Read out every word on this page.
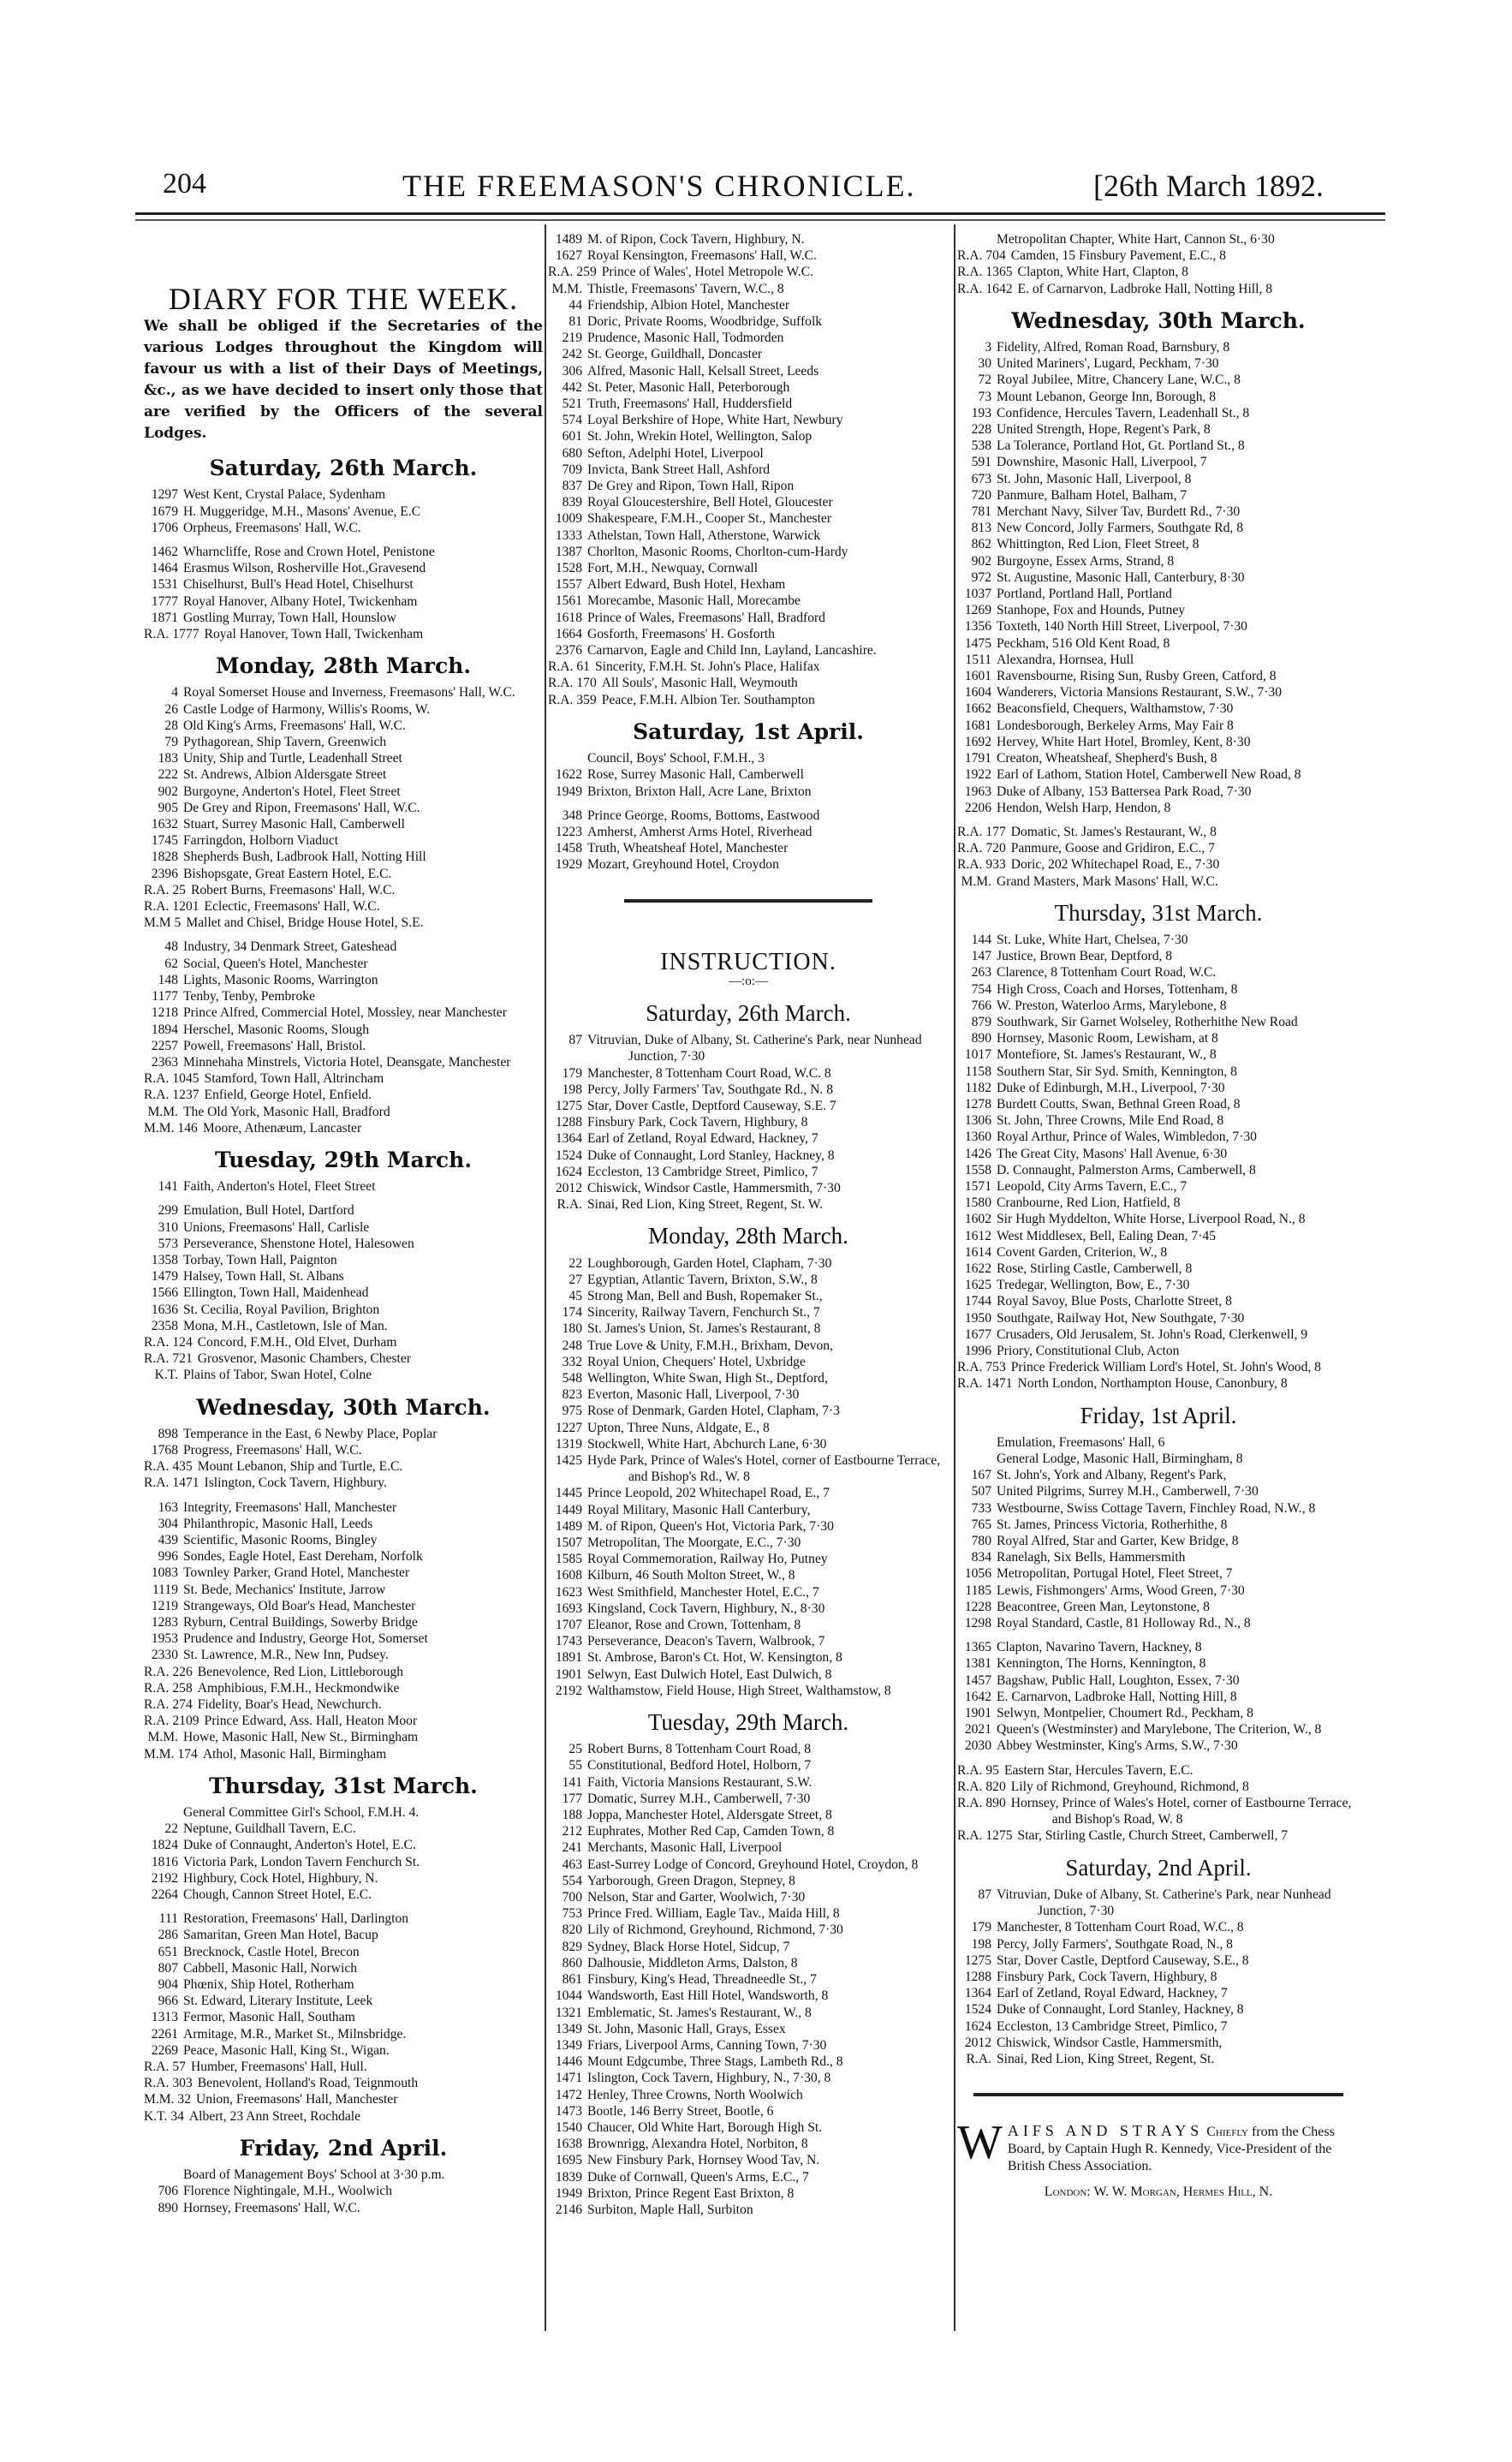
204	THE FREEMASON'S CHRONICLE.	[26th March 1892.
DIARY FOR THE WEEK.
We shall be obliged if the Secretaries of the various Lodges throughout the Kingdom will favour us with a list of their Days of Meetings, &c., as we have decided to insert only those that are verified by the Officers of the several Lodges.
Saturday, 26th March.
1297 West Kent, Crystal Palace, Sydenham
1679 H. Muggeridge, M.H., Masons' Avenue, E.C
1706 Orpheus, Freemasons' Hall, W.C.
1462 Wharncliffe, Rose and Crown Hotel, Penistone
1464 Erasmus Wilson, Rosherville Hot.,Gravesend
1531 Chiselhurst, Bull's Head Hotel, Chiselhurst
1777 Royal Hanover, Albany Hotel, Twickenham
1871 Gostling Murray, Town Hall, Hounslow
R.A. 1777 Royal Hanover, Town Hall, Twickenham
Monday, 28th March.
4 Royal Somerset House and Inverness, Freemasons' Hall, W.C.
26 Castle Lodge of Harmony, Willis's Rooms, W.
28 Old King's Arms, Freemasons' Hall, W.C.
79 Pythagorean, Ship Tavern, Greenwich
183 Unity, Ship and Turtle, Leadenhall Street
222 St. Andrews, Albion Aldersgate Street
902 Burgoyne, Anderton's Hotel, Fleet Street
905 De Grey and Ripon, Freemasons' Hall, W.C.
1632 Stuart, Surrey Masonic Hall, Camberwell
1745 Farringdon, Holborn Viaduct
1828 Shepherds Bush, Ladbrook Hall, Notting Hill
2396 Bishopsgate, Great Eastern Hotel, E.C.
R.A. 25 Robert Burns, Freemasons' Hall, W.C.
R.A. 1201 Eclectic, Freemasons' Hall, W.C.
M.M 5 Mallet and Chisel, Bridge House Hotel, S.E.
48 Industry, 34 Denmark Street, Gateshead
62 Social, Queen's Hotel, Manchester
148 Lights, Masonic Rooms, Warrington
1177 Tenby, Tenby, Pembroke
1218 Prince Alfred, Commercial Hotel, Mossley, near Manchester
1894 Herschel, Masonic Rooms, Slough
2257 Powell, Freemasons' Hall, Bristol.
2363 Minnehaha Minstrels, Victoria Hotel, Deansgate, Manchester
R.A. 1045 Stamford, Town Hall, Altrincham
R.A. 1237 Enfield, George Hotel, Enfield.
M.M. The Old York, Masonic Hall, Bradford
M.M. 146 Moore, Athenæum, Lancaster
Tuesday, 29th March.
141 Faith, Anderton's Hotel, Fleet Street
299 Emulation, Bull Hotel, Dartford
310 Unions, Freemasons' Hall, Carlisle
573 Perseverance, Shenstone Hotel, Halesowen
1358 Torbay, Town Hall, Paignton
1479 Halsey, Town Hall, St. Albans
1566 Ellington, Town Hall, Maidenhead
1636 St. Cecilia, Royal Pavilion, Brighton
2358 Mona, M.H., Castletown, Isle of Man.
R.A. 124 Concord, F.M.H., Old Elvet, Durham
R.A. 721 Grosvenor, Masonic Chambers, Chester
K.T. Plains of Tabor, Swan Hotel, Colne
Wednesday, 30th March.
898 Temperance in the East, 6 Newby Place, Poplar
1768 Progress, Freemasons' Hall, W.C.
R.A. 435 Mount Lebanon, Ship and Turtle, E.C.
R.A. 1471 Islington, Cock Tavern, Highbury.
163 Integrity, Freemasons' Hall, Manchester
304 Philanthropic, Masonic Hall, Leeds
439 Scientific, Masonic Rooms, Bingley
996 Sondes, Eagle Hotel, East Dereham, Norfolk
1083 Townley Parker, Grand Hotel, Manchester
1119 St. Bede, Mechanics' Institute, Jarrow
1219 Strangeways, Old Boar's Head, Manchester
1283 Ryburn, Central Buildings, Sowerby Bridge
1953 Prudence and Industry, George Hot, Somerset
2330 St. Lawrence, M.R., New Inn, Pudsey.
R.A. 226 Benevolence, Red Lion, Littleborough
R.A. 258 Amphibious, F.M.H., Heckmondwike
R.A. 274 Fidelity, Boar's Head, Newchurch.
R.A. 2109 Prince Edward, Ass. Hall, Heaton Moor
M.M. Howe, Masonic Hall, New St., Birmingham
M.M. 174 Athol, Masonic Hall, Birmingham
Thursday, 31st March.
General Committee Girl's School, F.M.H. 4.
22 Neptune, Guildhall Tavern, E.C.
1824 Duke of Connaught, Anderton's Hotel, E.C.
1816 Victoria Park, London Tavern Fenchurch St.
2192 Highbury, Cock Hotel, Highbury, N.
2264 Chough, Cannon Street Hotel, E.C.
111 Restoration, Freemasons' Hall, Darlington
286 Samaritan, Green Man Hotel, Bacup
651 Brecknock, Castle Hotel, Brecon
807 Cabbell, Masonic Hall, Norwich
904 Phœnix, Ship Hotel, Rotherham
966 St. Edward, Literary Institute, Leek
1313 Fermor, Masonic Hall, Southam
2261 Armitage, M.R., Market St., Milnsbridge.
2269 Peace, Masonic Hall, King St., Wigan.
R.A. 57 Humber, Freemasons' Hall, Hull.
R.A. 303 Benevolent, Holland's Road, Teignmouth
M.M. 32 Union, Freemasons' Hall, Manchester
K.T. 34 Albert, 23 Ann Street, Rochdale
Friday, 2nd April.
Board of Management Boys' School at 3·30 p.m.
706 Florence Nightingale, M.H., Woolwich
890 Hornsey, Freemasons' Hall, W.C.
1489 M. of Ripon, Cock Tavern, Highbury, N.
1627 Royal Kensington, Freemasons' Hall, W.C.
R.A. 259 Prince of Wales', Hotel Metropole W.C.
M.M. Thistle, Freemasons' Tavern, W.C., 8
44 Friendship, Albion Hotel, Manchester
81 Doric, Private Rooms, Woodbridge, Suffolk
219 Prudence, Masonic Hall, Todmorden
242 St. George, Guildhall, Doncaster
306 Alfred, Masonic Hall, Kelsall Street, Leeds
442 St. Peter, Masonic Hall, Peterborough
521 Truth, Freemasons' Hall, Huddersfield
574 Loyal Berkshire of Hope, White Hart, Newbury
601 St. John, Wrekin Hotel, Wellington, Salop
680 Sefton, Adelphi Hotel, Liverpool
709 Invicta, Bank Street Hall, Ashford
837 De Grey and Ripon, Town Hall, Ripon
839 Royal Gloucestershire, Bell Hotel, Gloucester
1009 Shakespeare, F.M.H., Cooper St., Manchester
1333 Athelstan, Town Hall, Atherstone, Warwick
1387 Chorlton, Masonic Rooms, Chorlton-cum-Hardy
1528 Fort, M.H., Newquay, Cornwall
1557 Albert Edward, Bush Hotel, Hexham
1561 Morecambe, Masonic Hall, Morecambe
1618 Prince of Wales, Freemasons' Hall, Bradford
1664 Gosforth, Freemasons' H. Gosforth
2376 Carnarvon, Eagle and Child Inn, Layland, Lancashire.
R.A. 61 Sincerity, F.M.H. St. John's Place, Halifax
R.A. 170 All Souls', Masonic Hall, Weymouth
R.A. 359 Peace, F.M.H. Albion Ter. Southampton
Saturday, 1st April.
Council, Boys' School, F.M.H., 3
1622 Rose, Surrey Masonic Hall, Camberwell
1949 Brixton, Brixton Hall, Acre Lane, Brixton
348 Prince George, Rooms, Bottoms, Eastwood
1223 Amherst, Amherst Arms Hotel, Riverhead
1458 Truth, Wheatsheaf Hotel, Manchester
1929 Mozart, Greyhound Hotel, Croydon
INSTRUCTION.
—:o:—
Saturday, 26th March.
87 Vitruvian, Duke of Albany, St. Catherine's Park, near Nunhead Junction, 7·30
179 Manchester, 8 Tottenham Court Road, W.C. 8
198 Percy, Jolly Farmers' Tav, Southgate Rd., N. 8
1275 Star, Dover Castle, Deptford Causeway, S.E. 7
1288 Finsbury Park, Cock Tavern, Highbury, 8
1364 Earl of Zetland, Royal Edward, Hackney, 7
1524 Duke of Connaught, Lord Stanley, Hackney, 8
1624 Eccleston, 13 Cambridge Street, Pimlico, 7
2012 Chiswick, Windsor Castle, Hammersmith, 7·30
R.A. Sinai, Red Lion, King Street, Regent, St. W.
Monday, 28th March.
22 Loughborough, Garden Hotel, Clapham, 7·30
27 Egyptian, Atlantic Tavern, Brixton, S.W., 8
45 Strong Man, Bell and Bush, Ropemaker St.,
174 Sincerity, Railway Tavern, Fenchurch St., 7
180 St. James's Union, St. James's Restaurant, 8
248 True Love & Unity, F.M.H., Brixham, Devon,
332 Royal Union, Chequers' Hotel, Uxbridge
548 Wellington, White Swan, High St., Deptford,
823 Everton, Masonic Hall, Liverpool, 7·30
975 Rose of Denmark, Garden Hotel, Clapham, 7·3
1227 Upton, Three Nuns, Aldgate, E., 8
1319 Stockwell, White Hart, Abchurch Lane, 6·30
1425 Hyde Park, Prince of Wales's Hotel, corner of Eastbourne Terrace, and Bishop's Rd., W. 8
1445 Prince Leopold, 202 Whitechapel Road, E., 7
1449 Royal Military, Masonic Hall Canterbury,
1489 M. of Ripon, Queen's Hot, Victoria Park, 7·30
1507 Metropolitan, The Moorgate, E.C., 7·30
1585 Royal Commemoration, Railway Ho, Putney
1608 Kilburn, 46 South Molton Street, W., 8
1623 West Smithfield, Manchester Hotel, E.C., 7
1693 Kingsland, Cock Tavern, Highbury, N., 8·30
1707 Eleanor, Rose and Crown, Tottenham, 8
1743 Perseverance, Deacon's Tavern, Walbrook, 7
1891 St. Ambrose, Baron's Ct. Hot, W. Kensington, 8
1901 Selwyn, East Dulwich Hotel, East Dulwich, 8
2192 Walthamstow, Field House, High Street, Walthamstow, 8
Tuesday, 29th March.
25 Robert Burns, 8 Tottenham Court Road, 8
55 Constitutional, Bedford Hotel, Holborn, 7
141 Faith, Victoria Mansions Restaurant, S.W.
177 Domatic, Surrey M.H., Camberwell, 7·30
188 Joppa, Manchester Hotel, Aldersgate Street, 8
212 Euphrates, Mother Red Cap, Camden Town, 8
241 Merchants, Masonic Hall, Liverpool
463 East-Surrey Lodge of Concord, Greyhound Hotel, Croydon, 8
554 Yarborough, Green Dragon, Stepney, 8
700 Nelson, Star and Garter, Woolwich, 7·30
753 Prince Fred. William, Eagle Tav., Maida Hill, 8
820 Lily of Richmond, Greyhound, Richmond, 7·30
829 Sydney, Black Horse Hotel, Sidcup, 7
860 Dalhousie, Middleton Arms, Dalston, 8
861 Finsbury, King's Head, Threadneedle St., 7
1044 Wandsworth, East Hill Hotel, Wandsworth, 8
1321 Emblematic, St. James's Restaurant, W., 8
1349 St. John, Masonic Hall, Grays, Essex
1349 Friars, Liverpool Arms, Canning Town, 7·30
1446 Mount Edgcumbe, Three Stags, Lambeth Rd., 8
1471 Islington, Cock Tavern, Highbury, N., 7·30, 8
1472 Henley, Three Crowns, North Woolwich
1473 Bootle, 146 Berry Street, Bootle, 6
1540 Chaucer, Old White Hart, Borough High St.
1638 Brownrigg, Alexandra Hotel, Norbiton, 8
1695 New Finsbury Park, Hornsey Wood Tav, N.
1839 Duke of Cornwall, Queen's Arms, E.C., 7
1949 Brixton, Prince Regent East Brixton, 8
2146 Surbiton, Maple Hall, Surbiton
Metropolitan Chapter, White Hart, Cannon St., 6·30
R.A. 704 Camden, 15 Finsbury Pavement, E.C., 8
R.A. 1365 Clapton, White Hart, Clapton, 8
R.A. 1642 E. of Carnarvon, Ladbroke Hall, Notting Hill, 8
Wednesday, 30th March.
3 Fidelity, Alfred, Roman Road, Barnsbury, 8
30 United Mariners', Lugard, Peckham, 7·30
72 Royal Jubilee, Mitre, Chancery Lane, W.C., 8
73 Mount Lebanon, George Inn, Borough, 8
193 Confidence, Hercules Tavern, Leadenhall St., 8
228 United Strength, Hope, Regent's Park, 8
538 La Tolerance, Portland Hot, Gt. Portland St., 8
591 Downshire, Masonic Hall, Liverpool, 7
673 St. John, Masonic Hall, Liverpool, 8
720 Panmure, Balham Hotel, Balham, 7
781 Merchant Navy, Silver Tav, Burdett Rd., 7·30
813 New Concord, Jolly Farmers, Southgate Rd, 8
862 Whittington, Red Lion, Fleet Street, 8
902 Burgoyne, Essex Arms, Strand, 8
972 St. Augustine, Masonic Hall, Canterbury, 8·30
1037 Portland, Portland Hall, Portland
1269 Stanhope, Fox and Hounds, Putney
1356 Toxteth, 140 North Hill Street, Liverpool, 7·30
1475 Peckham, 516 Old Kent Road, 8
1511 Alexandra, Hornsea, Hull
1601 Ravensbourne, Rising Sun, Rusby Green, Catford, 8
1604 Wanderers, Victoria Mansions Restaurant, S.W., 7·30
1662 Beaconsfield, Chequers, Walthamstow, 7·30
1681 Londesborough, Berkeley Arms, May Fair 8
1692 Hervey, White Hart Hotel, Bromley, Kent, 8·30
1791 Creaton, Wheatsheaf, Shepherd's Bush, 8
1922 Earl of Lathom, Station Hotel, Camberwell New Road, 8
1963 Duke of Albany, 153 Battersea Park Road, 7·30
2206 Hendon, Welsh Harp, Hendon, 8
R.A. 177 Domatic, St. James's Restaurant, W., 8
R.A. 720 Panmure, Goose and Gridiron, E.C., 7
R.A. 933 Doric, 202 Whitechapel Road, E., 7·30
M.M. Grand Masters, Mark Masons' Hall, W.C.
Thursday, 31st March.
144 St. Luke, White Hart, Chelsea, 7·30
147 Justice, Brown Bear, Deptford, 8
263 Clarence, 8 Tottenham Court Road, W.C.
754 High Cross, Coach and Horses, Tottenham, 8
766 W. Preston, Waterloo Arms, Marylebone, 8
879 Southwark, Sir Garnet Wolseley, Rotherhithe New Road
890 Hornsey, Masonic Room, Lewisham, at 8
1017 Montefiore, St. James's Restaurant, W., 8
1158 Southern Star, Sir Syd. Smith, Kennington, 8
1182 Duke of Edinburgh, M.H., Liverpool, 7·30
1278 Burdett Coutts, Swan, Bethnal Green Road, 8
1306 St. John, Three Crowns, Mile End Road, 8
1360 Royal Arthur, Prince of Wales, Wimbledon, 7·30
1426 The Great City, Masons' Hall Avenue, 6·30
1558 D. Connaught, Palmerston Arms, Camberwell, 8
1571 Leopold, City Arms Tavern, E.C., 7
1580 Cranbourne, Red Lion, Hatfield, 8
1602 Sir Hugh Myddelton, White Horse, Liverpool Road, N., 8
1612 West Middlesex, Bell, Ealing Dean, 7·45
1614 Covent Garden, Criterion, W., 8
1622 Rose, Stirling Castle, Camberwell, 8
1625 Tredegar, Wellington, Bow, E., 7·30
1744 Royal Savoy, Blue Posts, Charlotte Street, 8
1950 Southgate, Railway Hot, New Southgate, 7·30
1677 Crusaders, Old Jerusalem, St. John's Road, Clerkenwell, 9
1996 Priory, Constitutional Club, Acton
R.A. 753 Prince Frederick William Lord's Hotel, St. John's Wood, 8
R.A. 1471 North London, Northampton House, Canonbury, 8
Friday, 1st April.
Emulation, Freemasons' Hall, 6
General Lodge, Masonic Hall, Birmingham, 8
167 St. John's, York and Albany, Regent's Park,
507 United Pilgrims, Surrey M.H., Camberwell, 7·30
733 Westbourne, Swiss Cottage Tavern, Finchley Road, N.W., 8
765 St. James, Princess Victoria, Rotherhithe, 8
780 Royal Alfred, Star and Garter, Kew Bridge, 8
834 Ranelagh, Six Bells, Hammersmith
1056 Metropolitan, Portugal Hotel, Fleet Street, 7
1185 Lewis, Fishmongers' Arms, Wood Green, 7·30
1228 Beacontree, Green Man, Leytonstone, 8
1298 Royal Standard, Castle, 81 Holloway Rd., N., 8
1365 Clapton, Navarino Tavern, Hackney, 8
1381 Kennington, The Horns, Kennington, 8
1457 Bagshaw, Public Hall, Loughton, Essex, 7·30
1642 E. Carnarvon, Ladbroke Hall, Notting Hill, 8
1901 Selwyn, Montpelier, Choumert Rd., Peckham, 8
2021 Queen's (Westminster) and Marylebone, The Criterion, W., 8
2030 Abbey Westminster, King's Arms, S.W., 7·30
R.A. 95 Eastern Star, Hercules Tavern, E.C.
R.A. 820 Lily of Richmond, Greyhound, Richmond, 8
R.A. 890 Hornsey, Prince of Wales's Hotel, corner of Eastbourne Terrace, and Bishop's Road, W. 8
R.A. 1275 Star, Stirling Castle, Church Street, Camberwell, 7
Saturday, 2nd April.
87 Vitruvian, Duke of Albany, St. Catherine's Park, near Nunhead Junction, 7·30
179 Manchester, 8 Tottenham Court Road, W.C., 8
198 Percy, Jolly Farmers', Southgate Road, N., 8
1275 Star, Dover Castle, Deptford Causeway, S.E., 8
1288 Finsbury Park, Cock Tavern, Highbury, 8
1364 Earl of Zetland, Royal Edward, Hackney, 7
1524 Duke of Connaught, Lord Stanley, Hackney, 8
1624 Eccleston, 13 Cambridge Street, Pimlico, 7
2012 Chiswick, Windsor Castle, Hammersmith,
R.A. Sinai, Red Lion, King Street, Regent, St.
W AIFS AND STRAYS Chiefly from the Chess Board, by Captain Hugh R. Kennedy, Vice-President of the British Chess Association.
London: W. W. Morgan, Hermes Hill, N.
